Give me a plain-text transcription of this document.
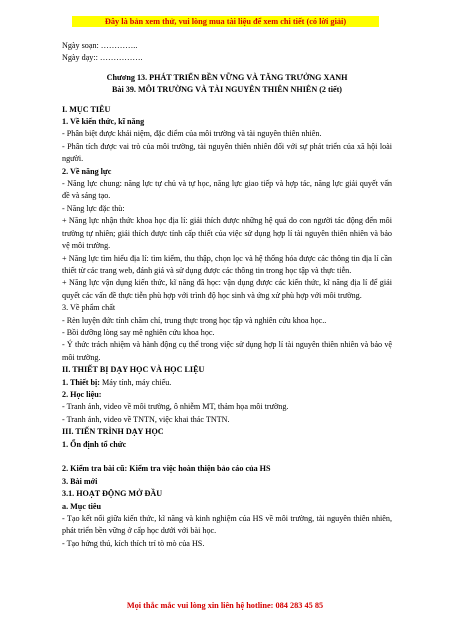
Đây là bản xem thử, vui lòng mua tài liệu để xem chi tiết (có lời giải)
Ngày soạn: …………..
Ngày dạy:: …………….
Chương 13. PHÁT TRIỂN BỀN VỮNG VÀ TĂNG TRƯỞNG XANH
Bài 39. MÔI TRƯỜNG VÀ TÀI NGUYÊN THIÊN NHIÊN (2 tiết)
I. MỤC TIÊU
1. Về kiến thức, kĩ năng
- Phân biệt được khái niệm, đặc điểm của môi trường và tài nguyên thiên nhiên.
- Phân tích được vai trò của môi trường, tài nguyên thiên nhiên đối với sự phát triển của xã hội loài người.
2. Về năng lực
- Năng lực chung: năng lực tự chủ và tự học, năng lực giao tiếp và hợp tác, năng lực giải quyết vấn đề và sáng tạo.
- Năng lực đặc thù:
+ Năng lực nhận thức khoa học địa lí: giải thích được những hệ quả do con người tác động đến môi trường tự nhiên; giải thích được tính cấp thiết của việc sử dụng hợp lí tài nguyên thiên nhiên và bảo vệ môi trường.
+ Năng lực tìm hiểu địa lí: tìm kiếm, thu thập, chọn lọc và hệ thống hóa được các thông tin địa lí cần thiết từ các trang web, đánh giá và sử dụng được các thông tin trong học tập và thực tiễn.
+ Năng lực vận dụng kiến thức, kĩ năng đã học: vận dụng được các kiến thức, kĩ năng địa lí để giải quyết các vấn đề thực tiễn phù hợp với trình độ học sinh và ứng xử phù hợp với môi trường.
3. Về phẩm chất
- Rèn luyện đức tính chăm chỉ, trung thực trong học tập và nghiên cứu khoa học..
- Bồi dưỡng lòng say mê nghiên cứu khoa học.
- Ý thức trách nhiệm và hành động cụ thể trong việc sử dụng hợp lí tài nguyên thiên nhiên và bảo vệ môi trường.
II. THIẾT BỊ DẠY HỌC VÀ HỌC LIỆU
1. Thiết bị: Máy tính, máy chiếu.
2. Học liệu:
- Tranh ảnh, video về môi trường, ô nhiễm MT, thảm họa môi trường.
- Tranh ảnh, video về TNTN, việc khai thác TNTN.
III. TIẾN TRÌNH DẠY HỌC
1. Ổn định tổ chức
2. Kiểm tra bài cũ: Kiểm tra việc hoàn thiện bảo cáo của HS
3. Bài mới
3.1. HOẠT ĐỘNG MỞ ĐẦU
a. Mục tiêu
- Tạo kết nối giữa kiến thức, kĩ năng và kinh nghiệm của HS về môi trường, tài nguyên thiên nhiên, phát triển bền vững ở cấp học dưới với bài học.
- Tạo hứng thú, kích thích trí tò mò của HS.
Mọi thắc mắc vui lòng xin liên hệ hotline: 084 283 45 85
